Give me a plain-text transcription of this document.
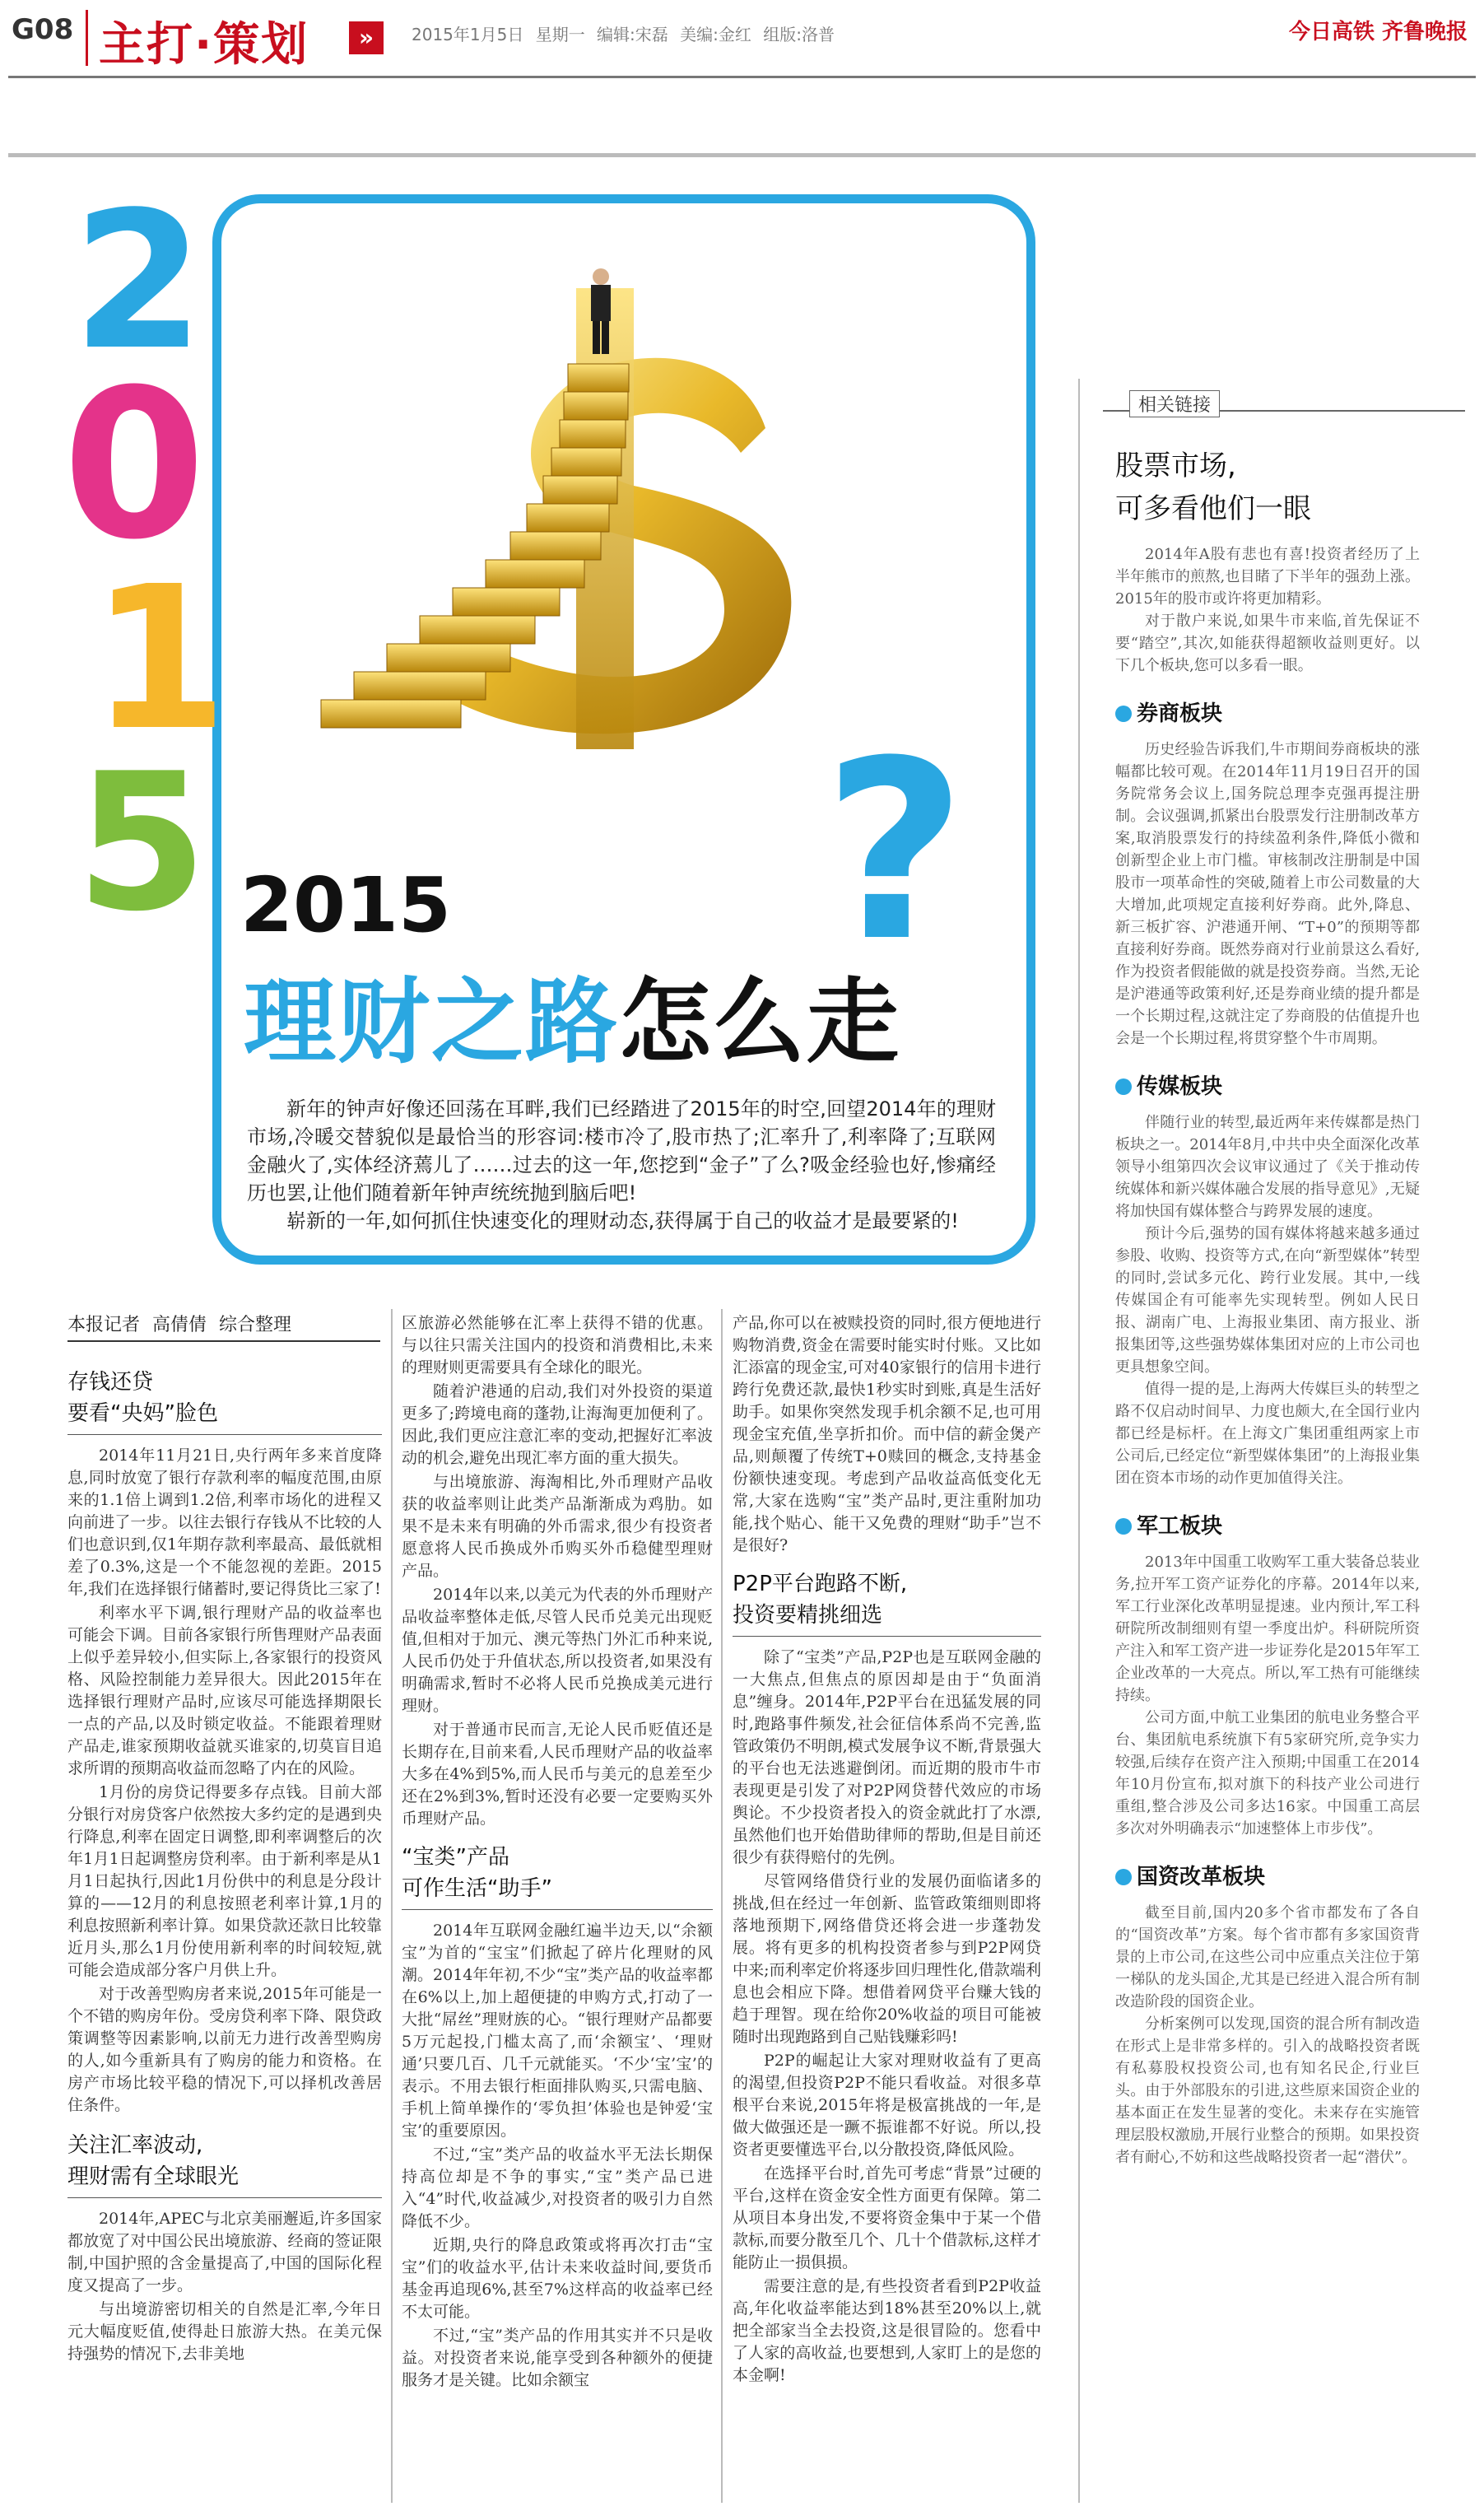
G08 主打·策划	»	2015年1月5日 星期一 编辑:宋磊 美编:金红 组版:洛普	今日高铁 齐鲁晚报
2
0
1
5 ?
2015
理财之路怎么走

新年的钟声好像还回荡在耳畔,我们已经踏进了2015年的时空,回望2014年的理财市场,冷暖交替貌似是最恰当的形容词:楼市冷了,股市热了;汇率升了,利率降了;互联网金融火了,实体经济蔫儿了……过去的这一年,您挖到“金子”了么?吸金经验也好,惨痛经历也罢,让他们随着新年钟声统统抛到脑后吧!

崭新的一年,如何抓住快速变化的理财动态,获得属于自己的收益才是最要紧的!

本报记者 高倩倩 综合整理
存钱还贷
要看“央妈”脸色

2014年11月21日,央行两年多来首度降息,同时放宽了银行存款利率的幅度范围,由原来的1.1倍上调到1.2倍,利率市场化的进程又向前进了一步。以往去银行存钱从不比较的人们也意识到,仅1年期存款利率最高、最低就相差了0.3%,这是一个不能忽视的差距。2015年,我们在选择银行储蓄时,要记得货比三家了!

利率水平下调,银行理财产品的收益率也可能会下调。目前各家银行所售理财产品表面上似乎差异较小,但实际上,各家银行的投资风格、风险控制能力差异很大。因此2015年在选择银行理财产品时,应该尽可能选择期限长一点的产品,以及时锁定收益。不能跟着理财产品走,谁家预期收益就买谁家的,切莫盲目追求所谓的预期高收益而忽略了内在的风险。

1月份的房贷记得要多存点钱。目前大部分银行对房贷客户依然按大多约定的是遇到央行降息,利率在固定日调整,即利率调整后的次年1月1日起调整房贷利率。由于新利率是从1月1日起执行,因此1月份供中的利息是分段计算的——12月的利息按照老利率计算,1月的利息按照新利率计算。如果贷款还款日比较靠近月头,那么1月份使用新利率的时间较短,就可能会造成部分客户月供上升。

对于改善型购房者来说,2015年可能是一个不错的购房年份。受房贷利率下降、限贷政策调整等因素影响,以前无力进行改善型购房的人,如今重新具有了购房的能力和资格。在房产市场比较平稳的情况下,可以择机改善居住条件。

关注汇率波动,
理财需有全球眼光

2014年,APEC与北京美丽邂逅,许多国家都放宽了对中国公民出境旅游、经商的签证限制,中国护照的含金量提高了,中国的国际化程度又提高了一步。

与出境游密切相关的自然是汇率,今年日元大幅度贬值,使得赴日旅游大热。在美元保持强势的情况下,去非美地

区旅游必然能够在汇率上获得不错的优惠。与以往只需关注国内的投资和消费相比,未来的理财则更需要具有全球化的眼光。

随着沪港通的启动,我们对外投资的渠道更多了;跨境电商的蓬勃,让海淘更加便利了。因此,我们更应注意汇率的变动,把握好汇率波动的机会,避免出现汇率方面的重大损失。

与出境旅游、海淘相比,外币理财产品收获的收益率则让此类产品渐渐成为鸡肋。如果不是未来有明确的外币需求,很少有投资者愿意将人民币换成外币购买外币稳健型理财产品。

2014年以来,以美元为代表的外币理财产品收益率整体走低,尽管人民币兑美元出现贬值,但相对于加元、澳元等热门外汇币种来说,人民币仍处于升值状态,所以投资者,如果没有明确需求,暂时不必将人民币兑换成美元进行理财。

对于普通市民而言,无论人民币贬值还是长期存在,目前来看,人民币理财产品的收益率大多在4%到5%,而人民币与美元的息差至少还在2%到3%,暂时还没有必要一定要购买外币理财产品。

“宝类”产品
可作生活“助手”

2014年互联网金融红遍半边天,以“余额宝”为首的“宝宝”们掀起了碎片化理财的风潮。2014年年初,不少“宝”类产品的收益率都在6%以上,加上超便捷的申购方式,打动了一大批“屌丝”理财族的心。“银行理财产品都要5万元起投,门槛太高了,而‘余额宝’、‘理财通’只要几百、几千元就能买。‘不少‘宝’宝’的表示。不用去银行柜面排队购买,只需电脑、手机上简单操作的‘零负担’体验也是钟爱‘宝宝’的重要原因。

不过,“宝”类产品的收益水平无法长期保持高位却是不争的事实,“宝”类产品已进入“4”时代,收益减少,对投资者的吸引力自然降低不少。

近期,央行的降息政策或将再次打击“宝宝”们的收益水平,估计未来收益时间,要货币基金再追现6%,甚至7%这样高的收益率已经不太可能。

不过,“宝”类产品的作用其实并不只是收益。对投资者来说,能享受到各种额外的便捷服务才是关键。比如余额宝

产品,你可以在被赎投资的同时,很方便地进行购物消费,资金在需要时能实时付账。又比如汇添富的现金宝,可对40家银行的信用卡进行跨行免费还款,最快1秒实时到账,真是生活好助手。如果你突然发现手机余额不足,也可用现金宝充值,坐享折扣价。而中信的薪金煲产品,则颠覆了传统T+0赎回的概念,支持基金份额快速变现。考虑到产品收益高低变化无常,大家在选购“宝”类产品时,更注重附加功能,找个贴心、能干又免费的理财“助手”岂不是很好?

P2P平台跑路不断,
投资要精挑细选

除了“宝类”产品,P2P也是互联网金融的一大焦点,但焦点的原因却是由于“负面消息”缠身。2014年,P2P平台在迅猛发展的同时,跑路事件频发,社会征信体系尚不完善,监管政策仍不明朗,模式发展争议不断,背景强大的平台也无法逃避倒闭。而近期的股市牛市表现更是引发了对P2P网贷替代效应的市场舆论。不少投资者投入的资金就此打了水漂,虽然他们也开始借助律师的帮助,但是目前还很少有获得赔付的先例。

尽管网络借贷行业的发展仍面临诸多的挑战,但在经过一年创新、监管政策细则即将落地预期下,网络借贷还将会进一步蓬勃发展。将有更多的机构投资者参与到P2P网贷中来;而利率定价将逐步回归理性化,借款端利息也会相应下降。想借着网贷平台赚大钱的趋于理智。现在给你20%收益的项目可能被随时出现跑路到自己贴钱赚彩吗!

P2P的崛起让大家对理财收益有了更高的渴望,但投资P2P不能只看收益。对很多草根平台来说,2015年将是极富挑战的一年,是做大做强还是一蹶不振谁都不好说。所以,投资者更要懂选平台,以分散投资,降低风险。

在选择平台时,首先可考虑“背景”过硬的平台,这样在资金安全性方面更有保障。第二从项目本身出发,不要将资金集中于某一个借款标,而要分散至几个、几十个借款标,这样才能防止一损俱损。

需要注意的是,有些投资者看到P2P收益高,年化收益率能达到18%甚至20%以上,就把全部家当全去投资,这是很冒险的。您看中了人家的高收益,也要想到,人家盯上的是您的本金啊!

相关链接
股票市场,
可多看他们一眼

2014年A股有悲也有喜!投资者经历了上半年熊市的煎熬,也目睹了下半年的强劲上涨。2015年的股市或许将更加精彩。

对于散户来说,如果牛市来临,首先保证不要“踏空”,其次,如能获得超额收益则更好。以下几个板块,您可以多看一眼。

券商板块

历史经验告诉我们,牛市期间券商板块的涨幅都比较可观。在2014年11月19日召开的国务院常务会议上,国务院总理李克强再提注册制。会议强调,抓紧出台股票发行注册制改革方案,取消股票发行的持续盈利条件,降低小微和创新型企业上市门槛。审核制改注册制是中国股市一项革命性的突破,随着上市公司数量的大大增加,此项规定直接利好券商。此外,降息、新三板扩容、沪港通开闸、“T+0”的预期等都直接利好券商。既然券商对行业前景这么看好,作为投资者假能做的就是投资券商。当然,无论是沪港通等政策利好,还是券商业绩的提升都是一个长期过程,这就注定了券商股的估值提升也会是一个长期过程,将贯穿整个牛市周期。

传媒板块

伴随行业的转型,最近两年来传媒都是热门板块之一。2014年8月,中共中央全面深化改革领导小组第四次会议审议通过了《关于推动传统媒体和新兴媒体融合发展的指导意见》,无疑将加快国有媒体整合与跨界发展的速度。

预计今后,强势的国有媒体将越来越多通过参股、收购、投资等方式,在向“新型媒体”转型的同时,尝试多元化、跨行业发展。其中,一线传媒国企有可能率先实现转型。例如人民日报、湖南广电、上海报业集团、南方报业、浙报集团等,这些强势媒体集团对应的上市公司也更具想象空间。

值得一提的是,上海两大传媒巨头的转型之路不仅启动时间早、力度也颇大,在全国行业内都已经是标杆。在上海文广集团重组两家上市公司后,已经定位“新型媒体集团”的上海报业集团在资本市场的动作更加值得关注。

军工板块

2013年中国重工收购军工重大装备总装业务,拉开军工资产证券化的序幕。2014年以来,军工行业深化改革明显提速。业内预计,军工科研院所改制细则有望一季度出炉。科研院所资产注入和军工资产进一步证券化是2015年军工企业改革的一大亮点。所以,军工热有可能继续持续。

公司方面,中航工业集团的航电业务整合平台、集团航电系统旗下有5家研究所,竞争实力较强,后续存在资产注入预期;中国重工在2014年10月份宣布,拟对旗下的科技产业公司进行重组,整合涉及公司多达16家。中国重工高层多次对外明确表示“加速整体上市步伐”。

国资改革板块

截至目前,国内20多个省市都发布了各自的“国资改革”方案。每个省市都有多家国资背景的上市公司,在这些公司中应重点关注位于第一梯队的龙头国企,尤其是已经进入混合所有制改造阶段的国资企业。

分析案例可以发现,国资的混合所有制改造在形式上是非常多样的。引入的战略投资者既有私募股权投资公司,也有知名民企,行业巨头。由于外部股东的引进,这些原来国资企业的基本面正在发生显著的变化。未来存在实施管理层股权激励,开展行业整合的预期。如果投资者有耐心,不妨和这些战略投资者一起“潜伏”。
